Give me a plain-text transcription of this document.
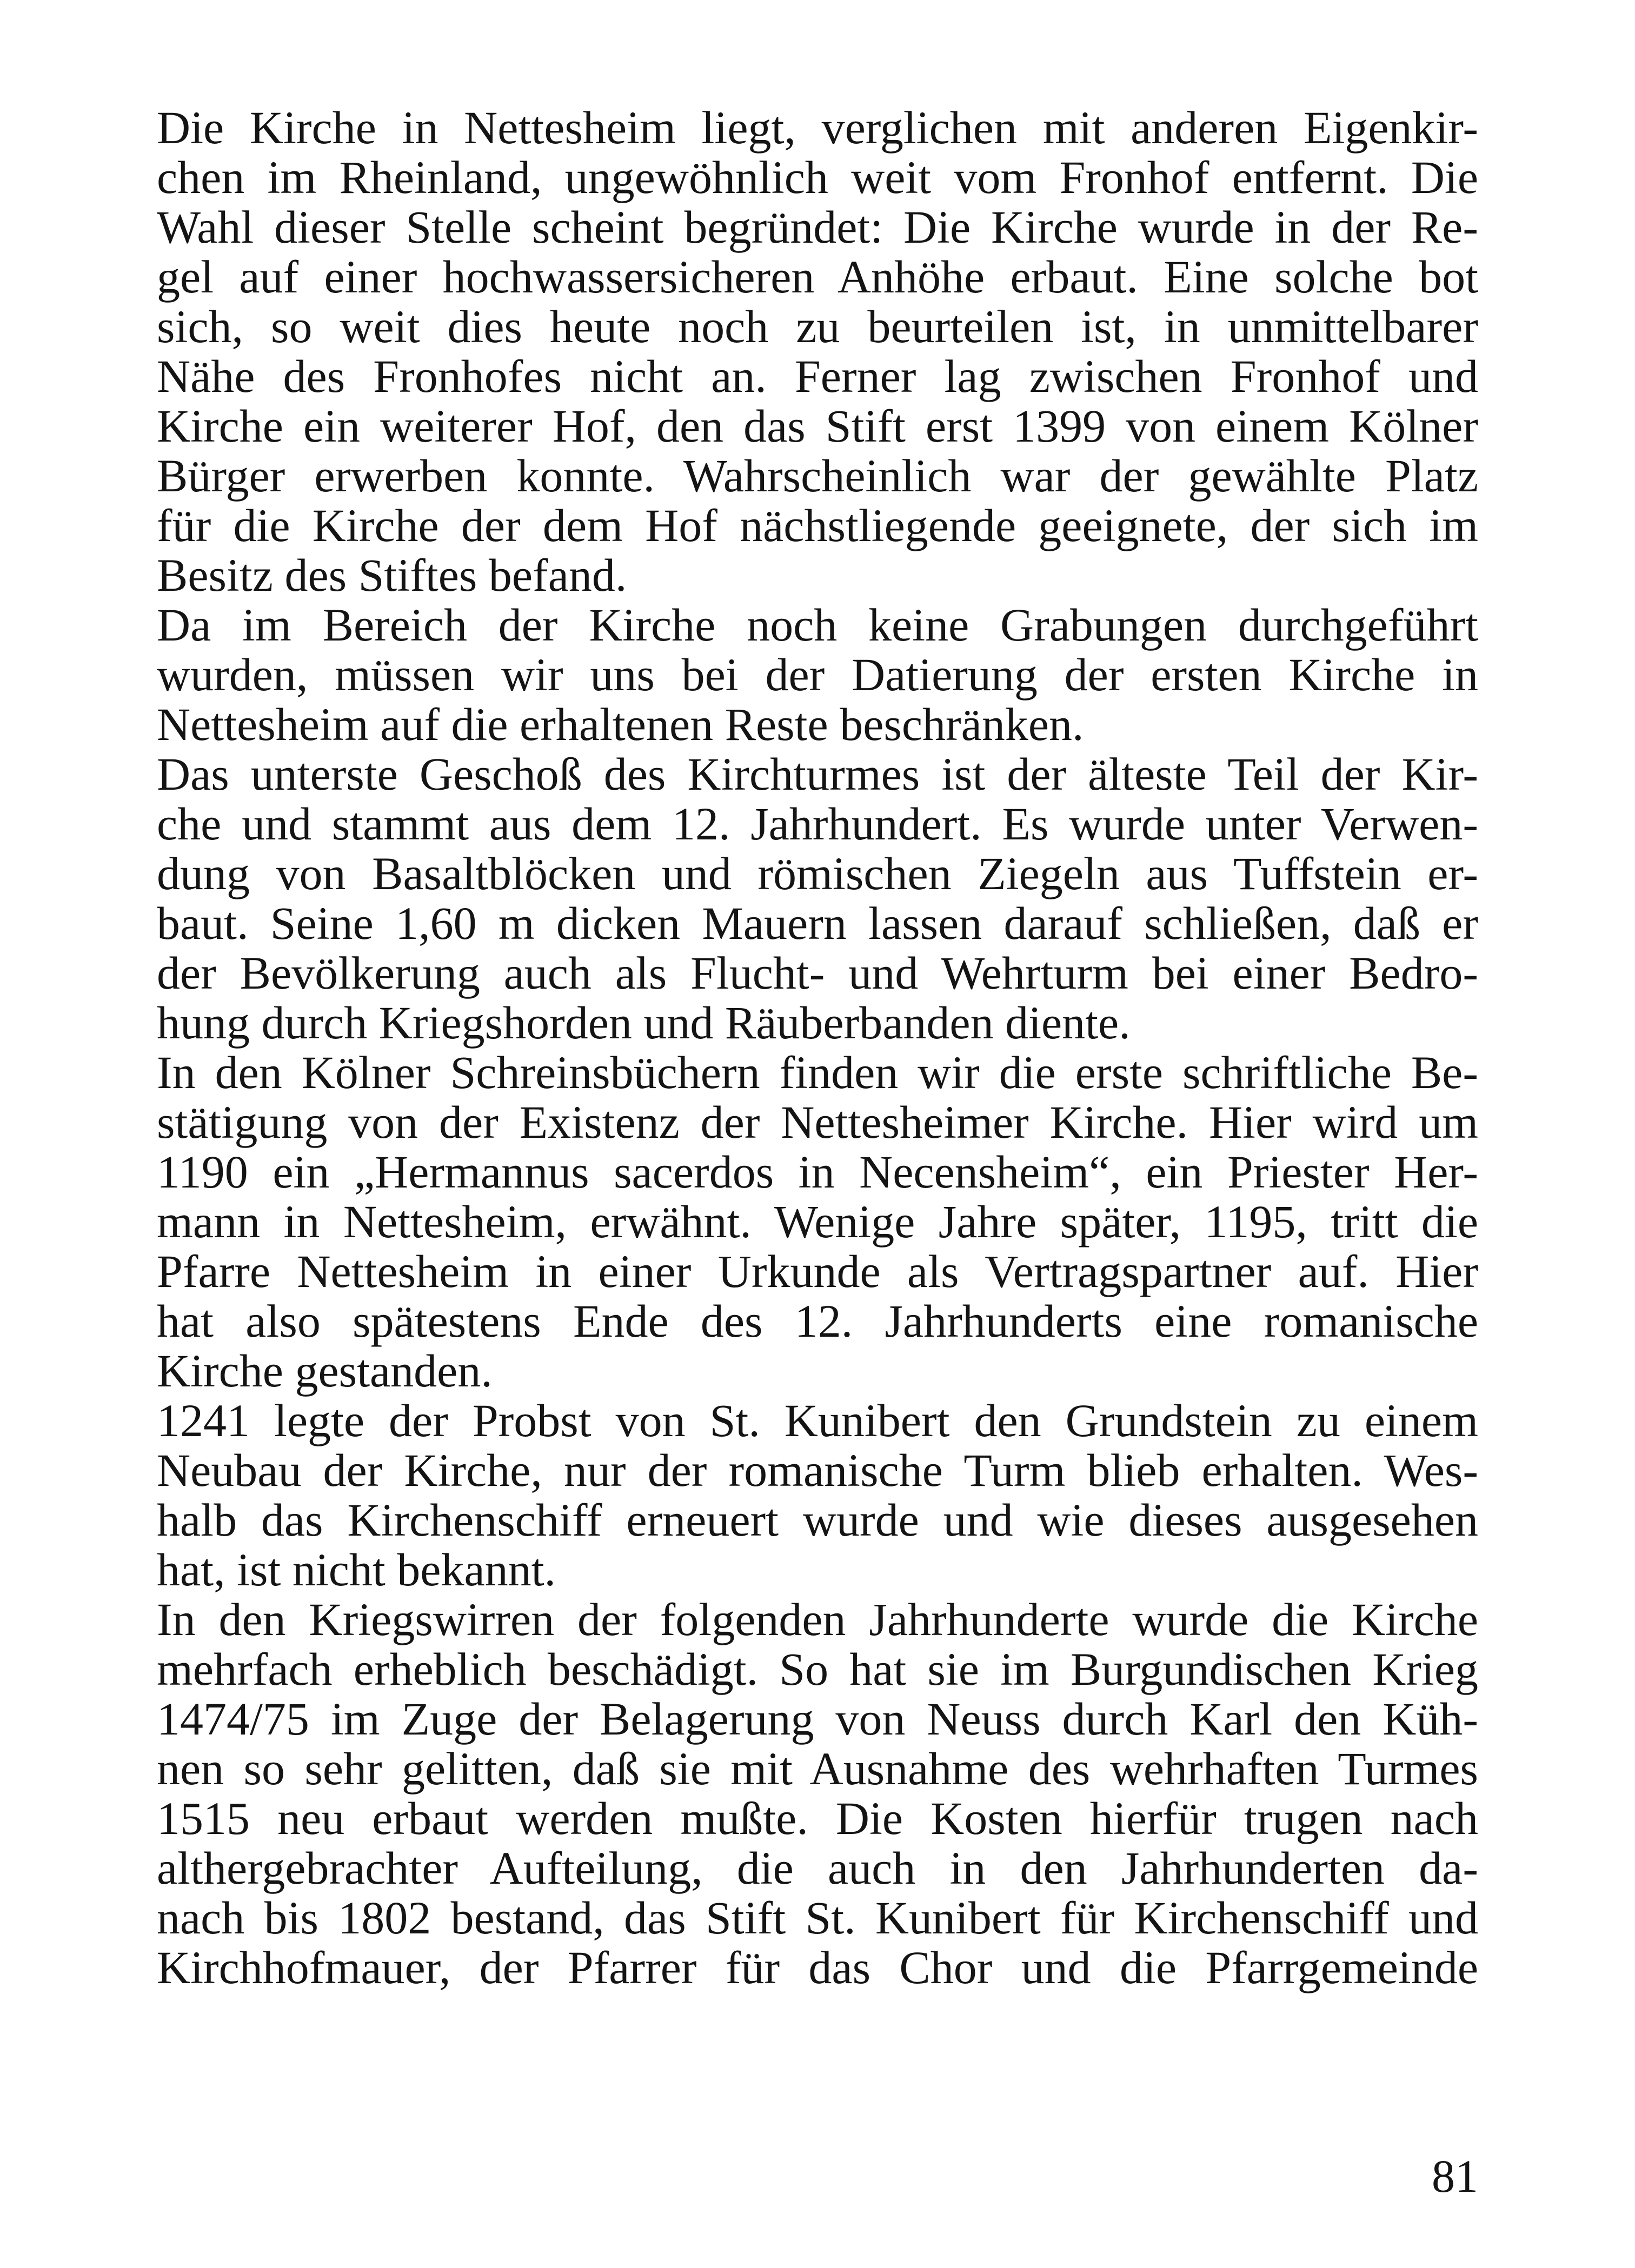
Die Kirche in Nettesheim liegt, verglichen mit anderen Eigenkir-
chen im Rheinland, ungewöhnlich weit vom Fronhof entfernt. Die
Wahl dieser Stelle scheint begründet: Die Kirche wurde in der Re-
gel auf einer hochwassersicheren Anhöhe erbaut. Eine solche bot
sich, so weit dies heute noch zu beurteilen ist, in unmittelbarer
Nähe des Fronhofes nicht an. Ferner lag zwischen Fronhof und
Kirche ein weiterer Hof, den das Stift erst 1399 von einem Kölner
Bürger erwerben konnte. Wahrscheinlich war der gewählte Platz
für die Kirche der dem Hof nächstliegende geeignete, der sich im
Besitz des Stiftes befand.
Da im Bereich der Kirche noch keine Grabungen durchgeführt
wurden, müssen wir uns bei der Datierung der ersten Kirche in
Nettesheim auf die erhaltenen Reste beschränken.
Das unterste Geschoß des Kirchturmes ist der älteste Teil der Kir-
che und stammt aus dem 12. Jahrhundert. Es wurde unter Verwen-
dung von Basaltblöcken und römischen Ziegeln aus Tuffstein er-
baut. Seine 1,60 m dicken Mauern lassen darauf schließen, daß er
der Bevölkerung auch als Flucht- und Wehrturm bei einer Bedro-
hung durch Kriegshorden und Räuberbanden diente.
In den Kölner Schreinsbüchern finden wir die erste schriftliche Be-
stätigung von der Existenz der Nettesheimer Kirche. Hier wird um
1190 ein „Hermannus sacerdos in Necensheim“, ein Priester Her-
mann in Nettesheim, erwähnt. Wenige Jahre später, 1195, tritt die
Pfarre Nettesheim in einer Urkunde als Vertragspartner auf. Hier
hat also spätestens Ende des 12. Jahrhunderts eine romanische
Kirche gestanden.
1241 legte der Probst von St. Kunibert den Grundstein zu einem
Neubau der Kirche, nur der romanische Turm blieb erhalten. Wes-
halb das Kirchenschiff erneuert wurde und wie dieses ausgesehen
hat, ist nicht bekannt.
In den Kriegswirren der folgenden Jahrhunderte wurde die Kirche
mehrfach erheblich beschädigt. So hat sie im Burgundischen Krieg
1474/75 im Zuge der Belagerung von Neuss durch Karl den Küh-
nen so sehr gelitten, daß sie mit Ausnahme des wehrhaften Turmes
1515 neu erbaut werden mußte. Die Kosten hierfür trugen nach
althergebrachter Aufteilung, die auch in den Jahrhunderten da-
nach bis 1802 bestand, das Stift St. Kunibert für Kirchenschiff und
Kirchhofmauer, der Pfarrer für das Chor und die Pfarrgemeinde
81
